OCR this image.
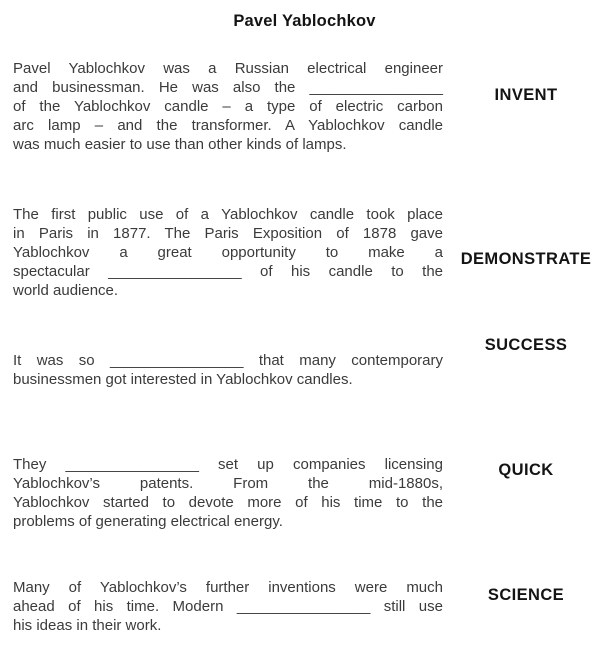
Pavel Yablochkov
Pavel Yablochkov was a Russian electrical engineer
and businessman. He was also the ________________
of the Yablochkov candle – a type of electric carbon
arc lamp – and the transformer. A Yablochkov candle
was much easier to use than other kinds of lamps.
INVENT
The first public use of a Yablochkov candle took place
in Paris in 1877. The Paris Exposition of 1878 gave
Yablochkov a great opportunity to make a
spectacular ________________ of his candle to the
world audience.
DEMONSTRATE
It was so ________________ that many contemporary
businessmen got interested in Yablochkov candles.
SUCCESS
They ________________ set up companies licensing
Yablochkov’s patents. From the mid-1880s,
Yablochkov started to devote more of his time to the
problems of generating electrical energy.
QUICK
Many of Yablochkov’s further inventions were much
ahead of his time. Modern ________________ still use
his ideas in their work.
SCIENCE
